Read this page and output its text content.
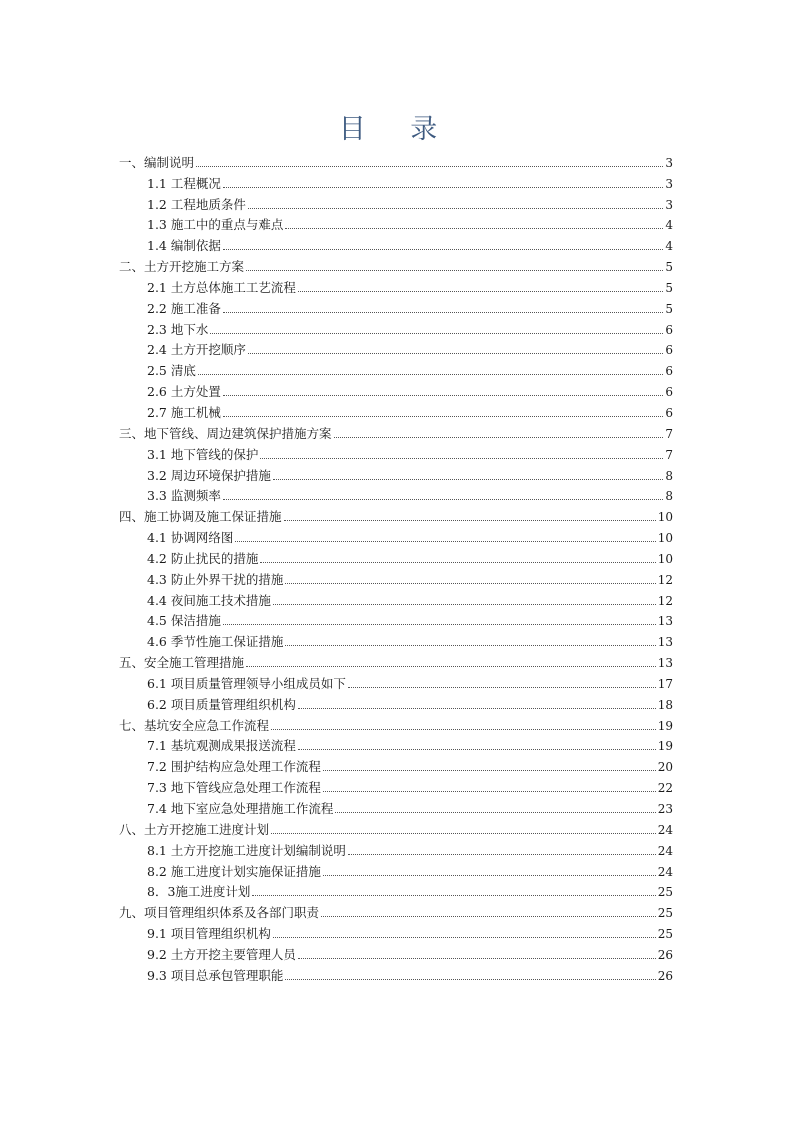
目 录
一、编制说明	3
1.1 工程概况	3
1.2 工程地质条件	3
1.3 施工中的重点与难点	4
1.4 编制依据	4
二、土方开挖施工方案	5
2.1 土方总体施工工艺流程	5
2.2 施工准备	5
2.3 地下水	6
2.4 土方开挖顺序	6
2.5 清底	6
2.6 土方处置	6
2.7 施工机械	6
三、地下管线、周边建筑保护措施方案	7
3.1 地下管线的保护	7
3.2 周边环境保护措施	8
3.3 监测频率	8
四、施工协调及施工保证措施	10
4.1 协调网络图	10
4.2 防止扰民的措施	10
4.3 防止外界干扰的措施	12
4.4 夜间施工技术措施	12
4.5 保洁措施	13
4.6 季节性施工保证措施	13
五、安全施工管理措施	13
6.1 项目质量管理领导小组成员如下	17
6.2 项目质量管理组织机构	18
七、基坑安全应急工作流程	19
7.1 基坑观测成果报送流程	19
7.2 围护结构应急处理工作流程	20
7.3 地下管线应急处理工作流程	22
7.4 地下室应急处理措施工作流程	23
八、土方开挖施工进度计划	24
8.1 土方开挖施工进度计划编制说明	24
8.2 施工进度计划实施保证措施	24
8．3施工进度计划	25
九、项目管理组织体系及各部门职责	25
9.1 项目管理组织机构	25
9.2 土方开挖主要管理人员	26
9.3 项目总承包管理职能	26
